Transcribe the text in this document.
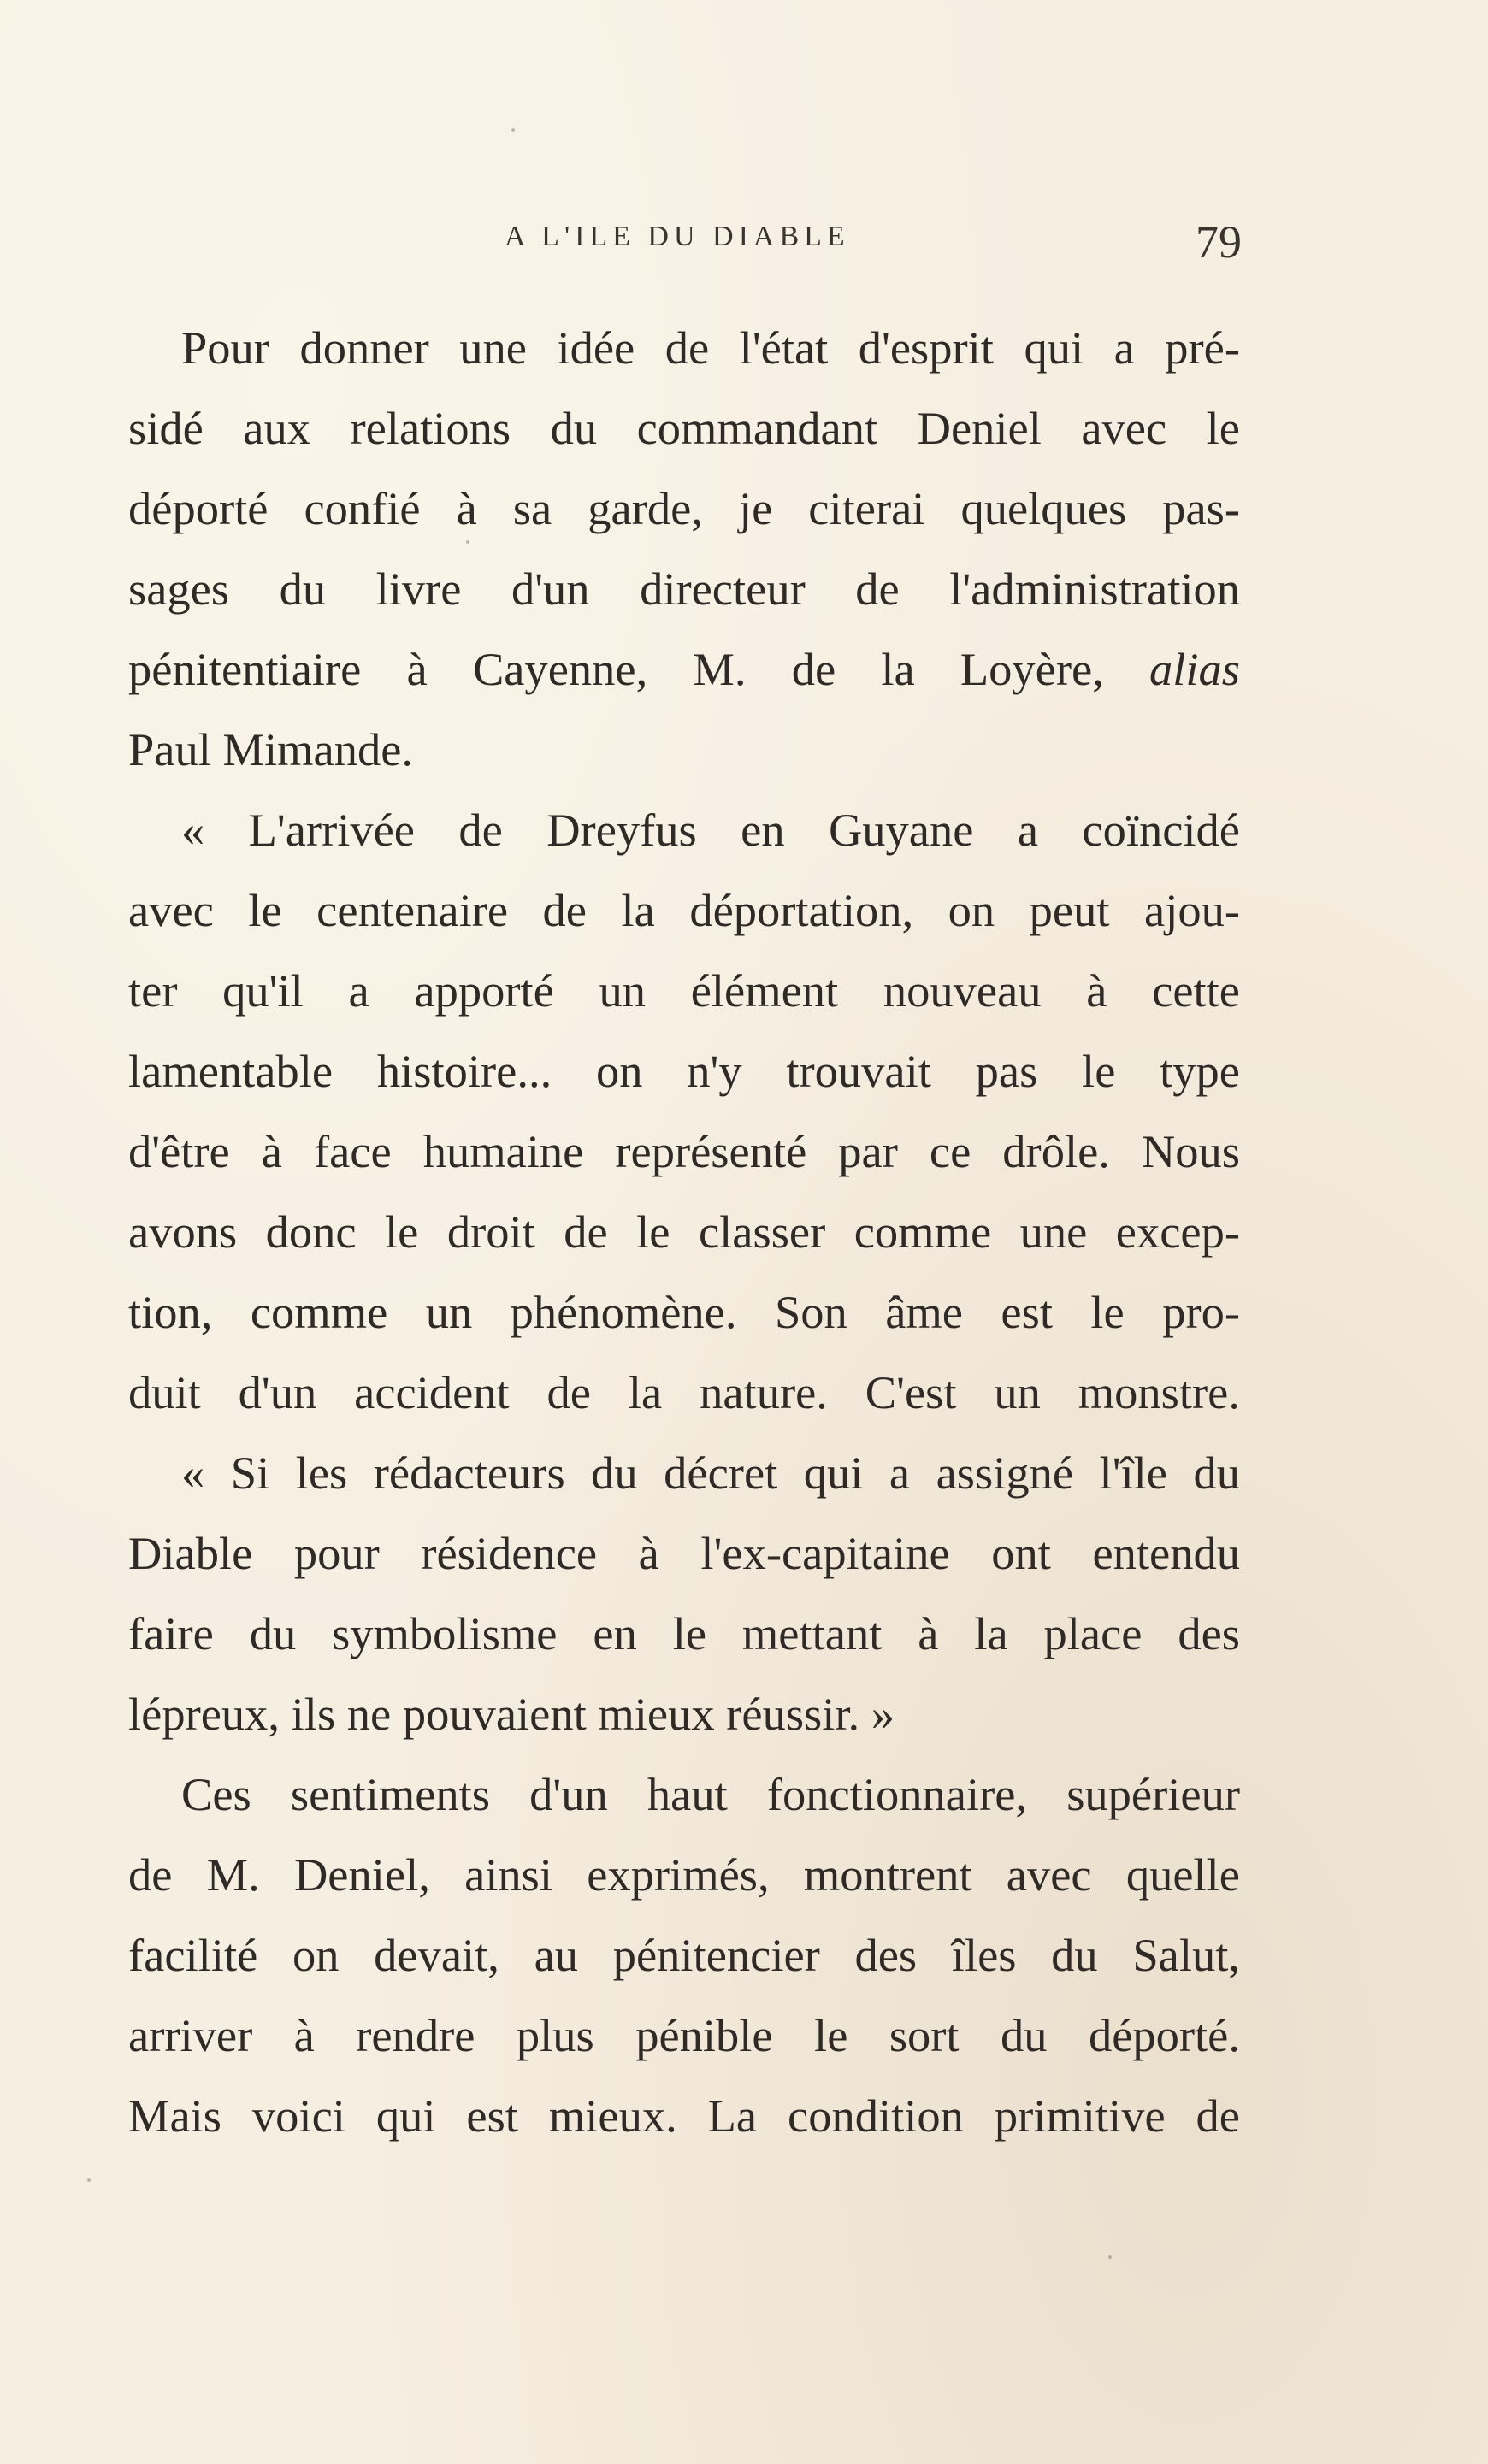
A L'ILE DU DIABLE	79
Pour donner une idée de l'état d'esprit qui a pré-
sidé aux relations du commandant Deniel avec le
déporté confié à sa garde, je citerai quelques pas-
sages du livre d'un directeur de l'administration
pénitentiaire à Cayenne, M. de la Loyère, alias
Paul Mimande.
« L'arrivée de Dreyfus en Guyane a coïncidé
avec le centenaire de la déportation, on peut ajou-
ter qu'il a apporté un élément nouveau à cette
lamentable histoire... on n'y trouvait pas le type
d'être à face humaine représenté par ce drôle. Nous
avons donc le droit de le classer comme une excep-
tion, comme un phénomène. Son âme est le pro-
duit d'un accident de la nature. C'est un monstre.
« Si les rédacteurs du décret qui a assigné l'île du
Diable pour résidence à l'ex-capitaine ont entendu
faire du symbolisme en le mettant à la place des
lépreux, ils ne pouvaient mieux réussir. »
Ces sentiments d'un haut fonctionnaire, supérieur
de M. Deniel, ainsi exprimés, montrent avec quelle
facilité on devait, au pénitencier des îles du Salut,
arriver à rendre plus pénible le sort du déporté.
Mais voici qui est mieux. La condition primitive de
